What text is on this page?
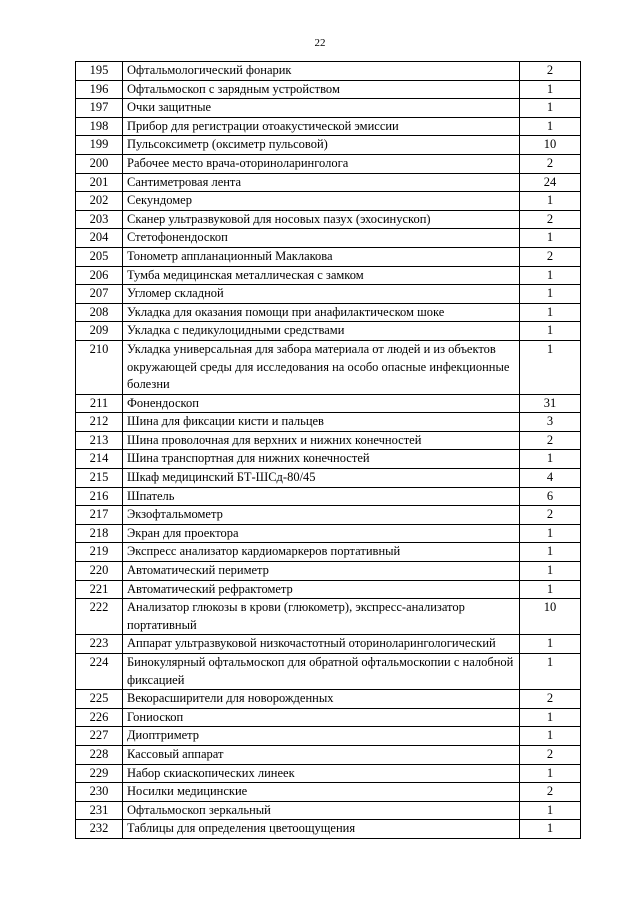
22
195	Офтальмологический фонарик	2
196	Офтальмоскоп с зарядным устройством	1
197	Очки защитные	1
198	Прибор для регистрации отоакустической эмиссии	1
199	Пульсоксиметр (оксиметр пульсовой)	10
200	Рабочее место врача-оториноларинголога	2
201	Сантиметровая лента	24
202	Секундомер	1
203	Сканер ультразвуковой для носовых пазух (эхосинускоп)	2
204	Стетофонендоскоп	1
205	Тонометр аппланационный Маклакова	2
206	Тумба медицинская металлическая с замком	1
207	Угломер складной	1
208	Укладка для оказания помощи при анафилактическом шоке	1
209	Укладка с педикулоцидными средствами	1
210	Укладка универсальная для забора материала от людей и из объектов окружающей среды для исследования на особо опасные инфекционные болезни	1
211	Фонендоскоп	31
212	Шина для фиксации кисти и пальцев	3
213	Шина проволочная для верхних и нижних конечностей	2
214	Шина транспортная для нижних конечностей	1
215	Шкаф медицинский БТ-ШСд-80/45	4
216	Шпатель	6
217	Экзофтальмометр	2
218	Экран для проектора	1
219	Экспресс анализатор кардиомаркеров портативный	1
220	Автоматический периметр	1
221	Автоматический рефрактометр	1
222	Анализатор глюкозы в крови (глюкометр), экспресс-анализатор портативный	10
223	Аппарат ультразвуковой низкочастотный оториноларингологический	1
224	Бинокулярный офтальмоскоп для обратной офтальмоскопии с налобной фиксацией	1
225	Векорасширители для новорожденных	2
226	Гониоскоп	1
227	Диоптриметр	1
228	Кассовый аппарат	2
229	Набор скиаскопических линеек	1
230	Носилки медицинские	2
231	Офтальмоскоп зеркальный	1
232	Таблицы для определения цветоощущения	1
